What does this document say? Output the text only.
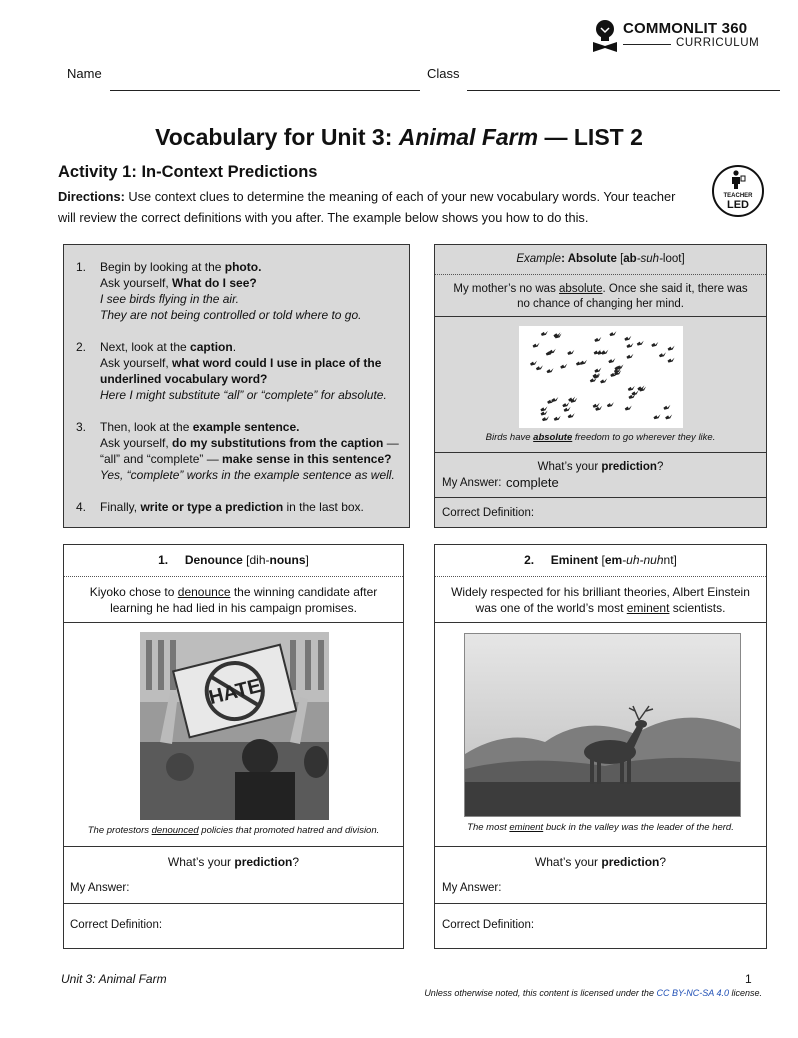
COMMONLIT 360
CURRICULUM
Name	Class
Vocabulary for Unit 3: Animal Farm — LIST 2
Activity 1: In-Context Predictions
Directions: Use context clues to determine the meaning of each of your new vocabulary words. Your teacher will review the correct definitions with you after. The example below shows you how to do this.
TEACHER
LED
1.	Begin by looking at the photo.
Ask yourself, What do I see?
I see birds flying in the air.
They are not being controlled or told where to go.
2.	Next, look at the caption.
Ask yourself, what word could I use in place of the underlined vocabulary word?
Here I might substitute “all” or “complete” for absolute.
3.	Then, look at the example sentence.
Ask yourself, do my substitutions from the caption — “all” and “complete” — make sense in this sentence?
Yes, “complete” works in the example sentence as well.
4.	Finally, write or type a prediction in the last box.
Example: Absolute [ab-suh-loot]
My mother’s no was absolute. Once she said it, there was no chance of changing her mind.
Birds have absolute freedom to go wherever they like.
What’s your prediction?
My Answer: complete
Correct Definition:
1. Denounce [dih-nouns]
Kiyoko chose to denounce the winning candidate after learning he had lied in his campaign promises.
HATE
The protestors denounced policies that promoted hatred and division.
What’s your prediction?
My Answer:
Correct Definition:
2. Eminent [em-uh-nuhnt]
Widely respected for his brilliant theories, Albert Einstein was one of the world’s most eminent scientists.
The most eminent buck in the valley was the leader of the herd.
What’s your prediction?
My Answer:
Correct Definition:
Unit 3: Animal Farm	1
Unless otherwise noted, this content is licensed under the CC BY-NC-SA 4.0 license.
